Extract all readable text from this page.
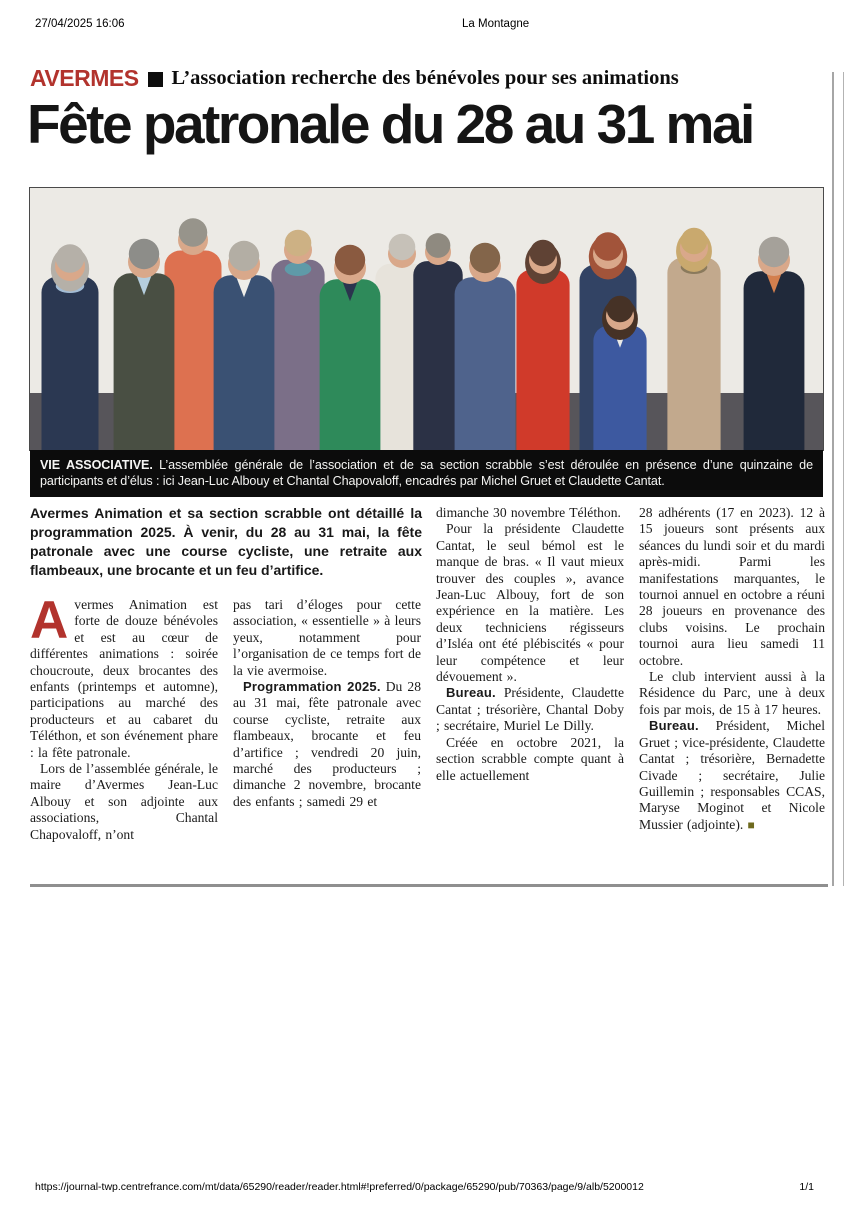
27/04/2025 16:06	La Montagne
AVERMES L’association recherche des bénévoles pour ses animations
Fête patronale du 28 au 31 mai
VIE ASSOCIATIVE. L’assemblée générale de l’association et de sa section scrabble s’est déroulée en présence d’une quinzaine de participants et d’élus : ici Jean-Luc Albouy et Chantal Chapovaloff, encadrés par Michel Gruet et Claudette Cantat.
Avermes Animation et sa section scrabble ont détaillé la programmation 2025. À venir, du 28 au 31 mai, la fête patronale avec une course cycliste, une retraite aux flambeaux, une brocante et un feu d’artifice.

Avermes Animation est forte de douze bénévoles et est au cœur de différentes animations : soirée choucroute, deux brocantes des enfants (printemps et automne), participations au marché des producteurs et au cabaret du Téléthon, et son événement phare : la fête patronale.

Lors de l’assemblée générale, le maire d’Avermes Jean-Luc Albouy et son adjointe aux associations, Chantal Chapovaloff, n’ont

pas tari d’éloges pour cette association, « essentielle » à leurs yeux, notamment pour l’organisation de ce temps fort de la vie avermoise.

Programmation 2025. Du 28 au 31 mai, fête patronale avec course cycliste, retraite aux flambeaux, brocante et feu d’artifice ; vendredi 20 juin, marché des producteurs ; dimanche 2 novembre, brocante des enfants ; samedi 29 et

dimanche 30 novembre Téléthon.

Pour la présidente Claudette Cantat, le seul bémol est le manque de bras. « Il vaut mieux trouver des couples », avance Jean-Luc Albouy, fort de son expérience en la matière. Les deux techniciens régisseurs d’Isléa ont été plébiscités « pour leur compétence et leur dévouement ».

Bureau. Présidente, Claudette Cantat ; trésorière, Chantal Doby ; secrétaire, Muriel Le Dilly.

Créée en octobre 2021, la section scrabble compte quant à elle actuellement

28 adhérents (17 en 2023). 12 à 15 joueurs sont présents aux séances du lundi soir et du mardi après-midi. Parmi les manifestations marquantes, le tournoi annuel en octobre a réuni 28 joueurs en provenance des clubs voisins. Le prochain tournoi aura lieu samedi 11 octobre.

Le club intervient aussi à la Résidence du Parc, une à deux fois par mois, de 15 à 17 heures.

Bureau. Président, Michel Gruet ; vice-présidente, Claudette Cantat ; trésorière, Bernadette Civade ; secrétaire, Julie Guillemin ; responsables CCAS, Maryse Moginot et Nicole Mussier (adjointe). ■

https://journal-twp.centrefrance.com/mt/data/65290/reader/reader.html#!preferred/0/package/65290/pub/70363/page/9/alb/5200012	1/1
